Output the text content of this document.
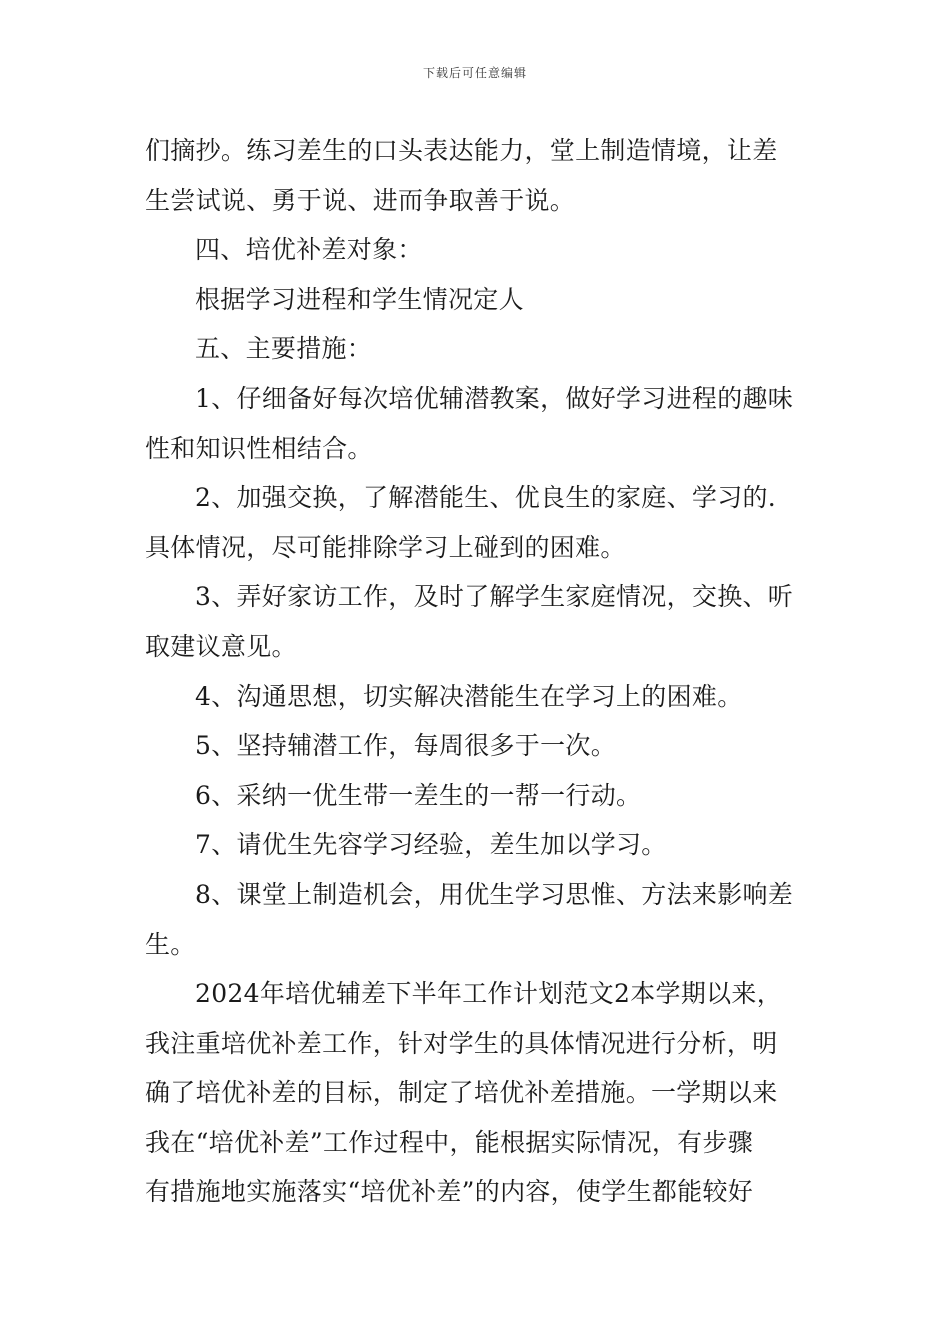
下载后可任意编辑
们摘抄。练习差生的口头表达能力，堂上制造情境，让差
生尝试说、勇于说、进而争取善于说。
四、培优补差对象：
根据学习进程和学生情况定人
五、主要措施：
1、仔细备好每次培优辅潜教案，做好学习进程的趣味
性和知识性相结合。
2、加强交换，了解潜能生、优良生的家庭、学习的.
具体情况，尽可能排除学习上碰到的困难。
3、弄好家访工作，及时了解学生家庭情况，交换、听
取建议意见。
4、沟通思想，切实解决潜能生在学习上的困难。
5、坚持辅潜工作，每周很多于一次。
6、采纳一优生带一差生的一帮一行动。
7、请优生先容学习经验，差生加以学习。
8、课堂上制造机会，用优生学习思惟、方法来影响差
生。
2024年培优辅差下半年工作计划范文2本学期以来，
我注重培优补差工作，针对学生的具体情况进行分析，明
确了培优补差的目标，制定了培优补差措施。一学期以来
我在“培优补差”工作过程中，能根据实际情况，有步骤
有措施地实施落实“培优补差”的内容，使学生都能较好
